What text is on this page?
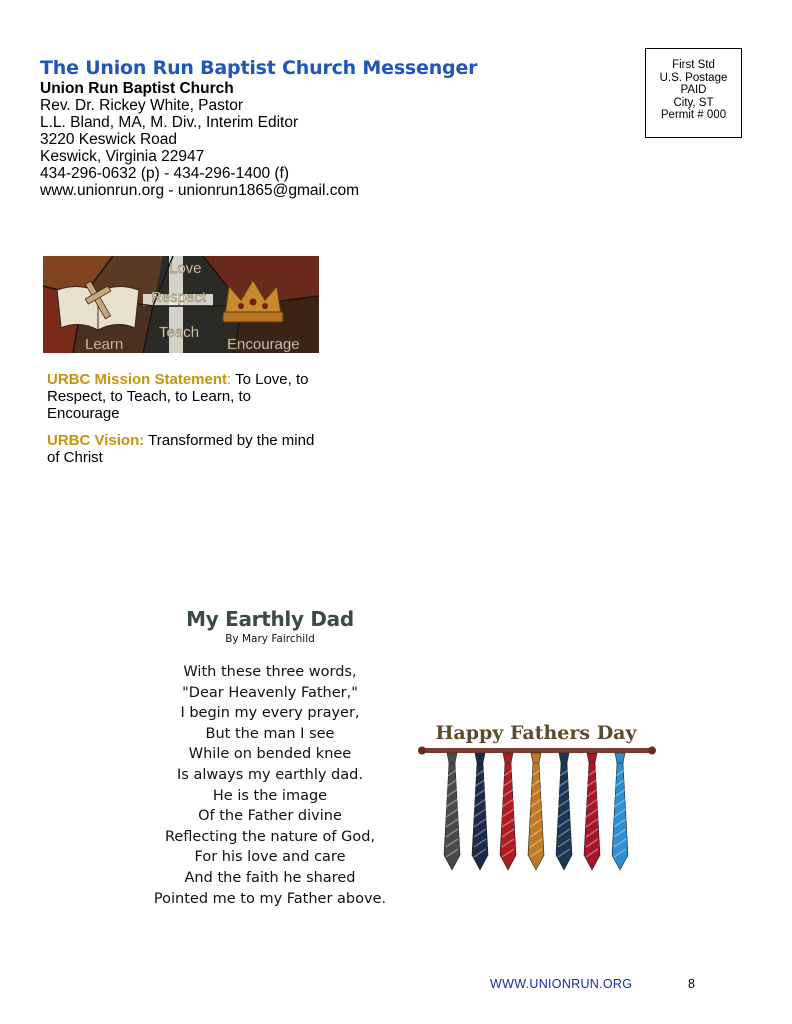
The Union Run Baptist Church Messenger
Union Run Baptist Church
Rev. Dr. Rickey White, Pastor
L.L. Bland, MA, M. Div., Interim Editor
3220 Keswick Road
Keswick, Virginia 22947
434-296-0632 (p) - 434-296-1400 (f)
www.unionrun.org - unionrun1865@gmail.com
First Std
U.S. Postage
PAID
City, ST
Permit # 000
Love
Respect
Teach
Learn	Encourage

URBC Mission Statement: To Love, to Respect, to Teach, to Learn, to Encourage

URBC Vision: Transformed by the mind of Christ

My Earthly Dad
By Mary Fairchild
With these three words,
"Dear Heavenly Father,"
I begin my every prayer,
But the man I see
While on bended knee
Is always my earthly dad.
He is the image
Of the Father divine
Reflecting the nature of God,
For his love and care
And the faith he shared
Pointed me to my Father above.
Happy Fathers Day
WWW.UNIONRUN.ORG	8
